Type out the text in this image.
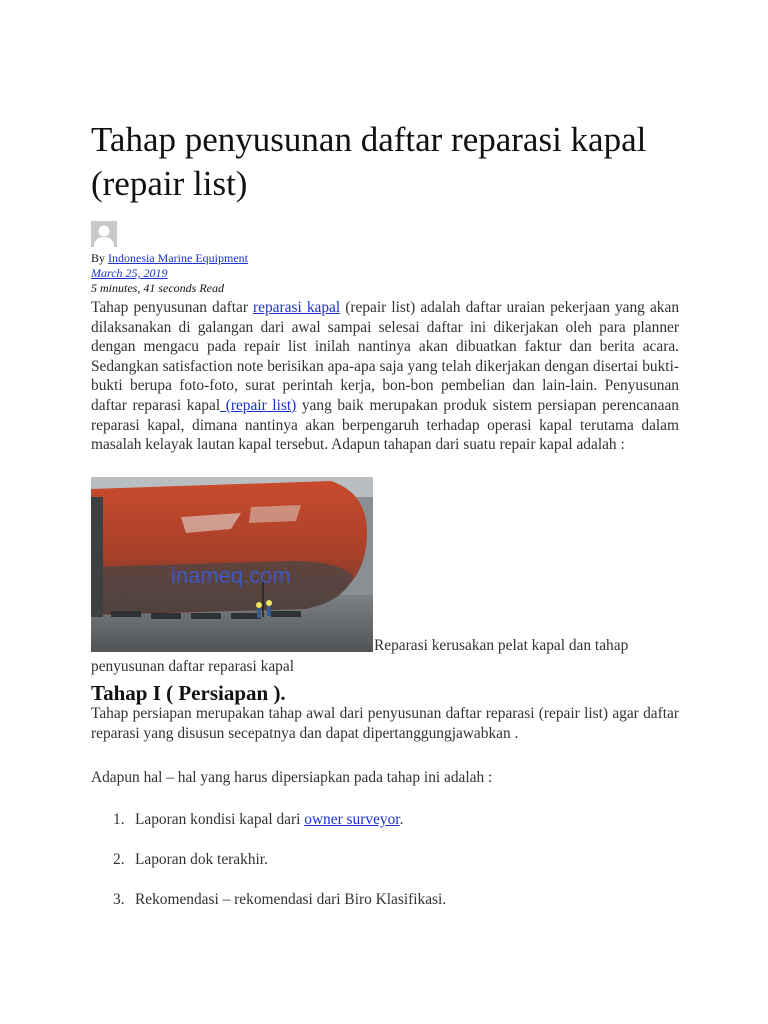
Tahap penyusunan daftar reparasi kapal (repair list)
By Indonesia Marine Equipment
March 25, 2019
5 minutes, 41 seconds Read

Tahap penyusunan daftar reparasi kapal (repair list) adalah daftar uraian pekerjaan yang akan dilaksanakan di galangan dari awal sampai selesai daftar ini dikerjakan oleh para planner dengan mengacu pada repair list inilah nantinya akan dibuatkan faktur dan berita acara. Sedangkan satisfaction note berisikan apa-apa saja yang telah dikerjakan dengan disertai bukti-bukti berupa foto-foto, surat perintah kerja, bon-bon pembelian dan lain-lain. Penyusunan daftar reparasi kapal (repair list) yang baik merupakan produk sistem persiapan perencanaan reparasi kapal, dimana nantinya akan berpengaruh terhadap operasi kapal terutama dalam masalah kelayak lautan kapal tersebut. Adapun tahapan dari suatu repair kapal adalah :

inameq.com
Reparasi kerusakan pelat kapal dan tahap
penyusunan daftar reparasi kapal
Tahap I ( Persiapan ).

Tahap persiapan merupakan tahap awal dari penyusunan daftar reparasi (repair list) agar daftar reparasi yang disusun secepatnya dan dapat dipertanggungjawabkan .

Adapun hal – hal yang harus dipersiapkan pada tahap ini adalah :

1. Laporan kondisi kapal dari owner surveyor.
2. Laporan dok terakhir.
3. Rekomendasi – rekomendasi dari Biro Klasifikasi.
